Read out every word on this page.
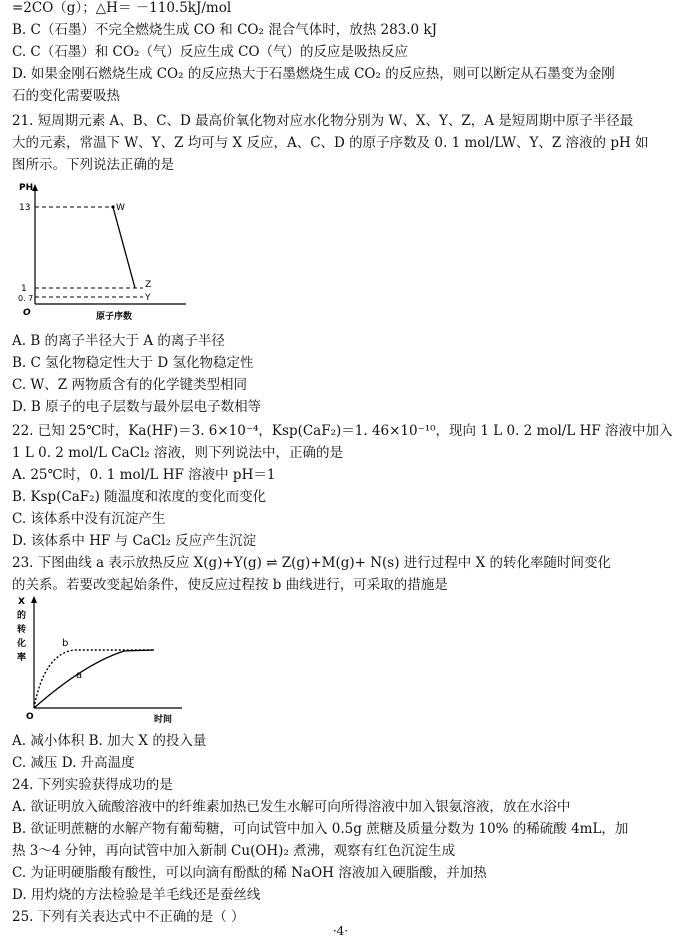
=2CO（g）；△H＝ －110.5kJ/mol
B. C（石墨）不完全燃烧生成 CO 和 CO₂ 混合气体时，放热 283.0 kJ
C. C（石墨）和 CO₂（气）反应生成 CO（气）的反应是吸热反应
D. 如果金刚石燃烧生成 CO₂ 的反应热大于石墨燃烧生成 CO₂ 的反应热，则可以断定从石墨变为金刚
石的变化需要吸热
21. 短周期元素 A、B、C、D 最高价氧化物对应水化物分别为 W、X、Y、Z，A 是短周期中原子半径最
大的元素，常温下 W、Y、Z 均可与 X 反应，A、C、D 的原子序数及 0. 1 mol/LW、Y、Z 溶液的 pH 如
图所示。下列说法正确的是
PH
O	原子序数
13
1
0. 7
W
Z
Y
A. B 的离子半径大于 A 的离子半径
B. C 氢化物稳定性大于 D 氢化物稳定性
C. W、Z 两物质含有的化学键类型相同
D. B 原子的电子层数与最外层电子数相等
22. 已知 25℃时，Ka(HF)＝3. 6×10⁻⁴，Ksp(CaF₂)＝1. 46×10⁻¹⁰，现向 1 L 0. 2 mol/L HF 溶液中加入
1 L 0. 2 mol/L CaCl₂ 溶液，则下列说法中，正确的是
A. 25℃时，0. 1 mol/L HF 溶液中 pH＝1
B. Ksp(CaF₂) 随温度和浓度的变化而变化
C. 该体系中没有沉淀产生
D. 该体系中 HF 与 CaCl₂ 反应产生沉淀
23. 下图曲线 a 表示放热反应 X(g)+Y(g) ⇌ Z(g)+M(g)+ N(s) 进行过程中 X 的转化率随时间变化
的关系。若要改变起始条件，使反应过程按 b 曲线进行，可采取的措施是
X
的
转
化
率
O	时间
b
a
A. 减小体积 B. 加大 X 的投入量
C. 减压 D. 升高温度
24. 下列实验获得成功的是
A. 欲证明放入硫酸溶液中的纤维素加热已发生水解可向所得溶液中加入银氨溶液，放在水浴中
B. 欲证明蔗糖的水解产物有葡萄糖，可向试管中加入 0.5g 蔗糖及质量分数为 10% 的稀硫酸 4mL，加
热 3～4 分钟，再向试管中加入新制 Cu(OH)₂ 煮沸，观察有红色沉淀生成
C. 为证明硬脂酸有酸性，可以向滴有酚酞的稀 NaOH 溶液加入硬脂酸，并加热
D. 用灼烧的方法检验是羊毛线还是蚕丝线
25. 下列有关表达式中不正确的是（ ）
·4·
